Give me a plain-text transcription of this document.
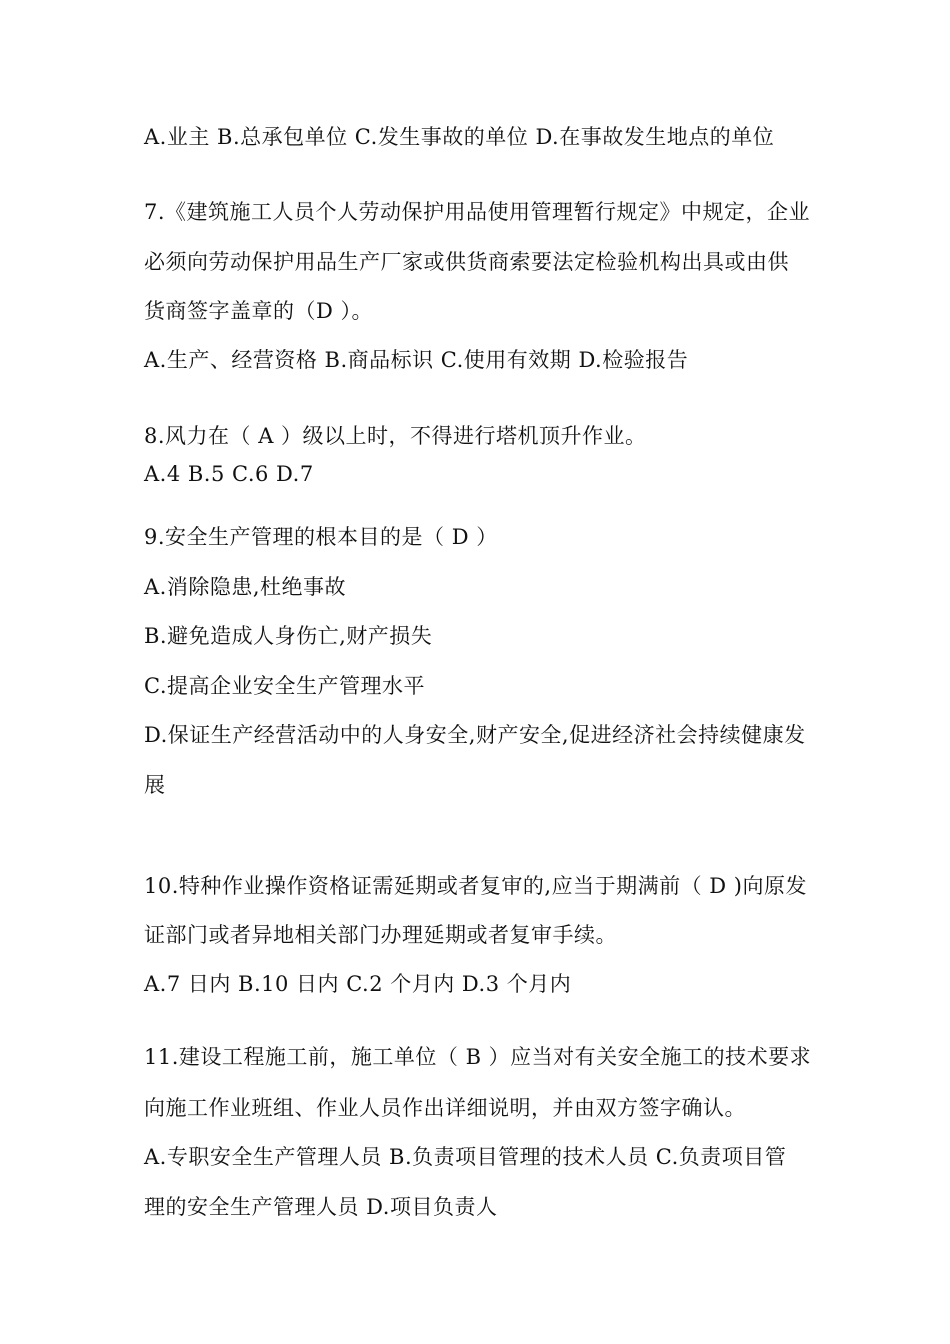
A.业主 B.总承包单位 C.发生事故的单位 D.在事故发生地点的单位
7.《建筑施工人员个人劳动保护用品使用管理暂行规定》中规定，企业
必须向劳动保护用品生产厂家或供货商索要法定检验机构出具或由供
货商签字盖章的（D ）。
A.生产、经营资格 B.商品标识 C.使用有效期 D.检验报告
8.风力在（ A ）级以上时，不得进行塔机顶升作业。
A.4 B.5 C.6 D.7
9.安全生产管理的根本目的是（ D ）
A.消除隐患,杜绝事故
B.避免造成人身伤亡,财产损失
C.提高企业安全生产管理水平
D.保证生产经营活动中的人身安全,财产安全,促进经济社会持续健康发
展
10.特种作业操作资格证需延期或者复审的,应当于期满前（ D )向原发
证部门或者异地相关部门办理延期或者复审手续。
A.7 日内 B.10 日内 C.2 个月内 D.3 个月内
11.建设工程施工前，施工单位（ B ）应当对有关安全施工的技术要求
向施工作业班组、作业人员作出详细说明，并由双方签字确认。
A.专职安全生产管理人员 B.负责项目管理的技术人员 C.负责项目管
理的安全生产管理人员 D.项目负责人
